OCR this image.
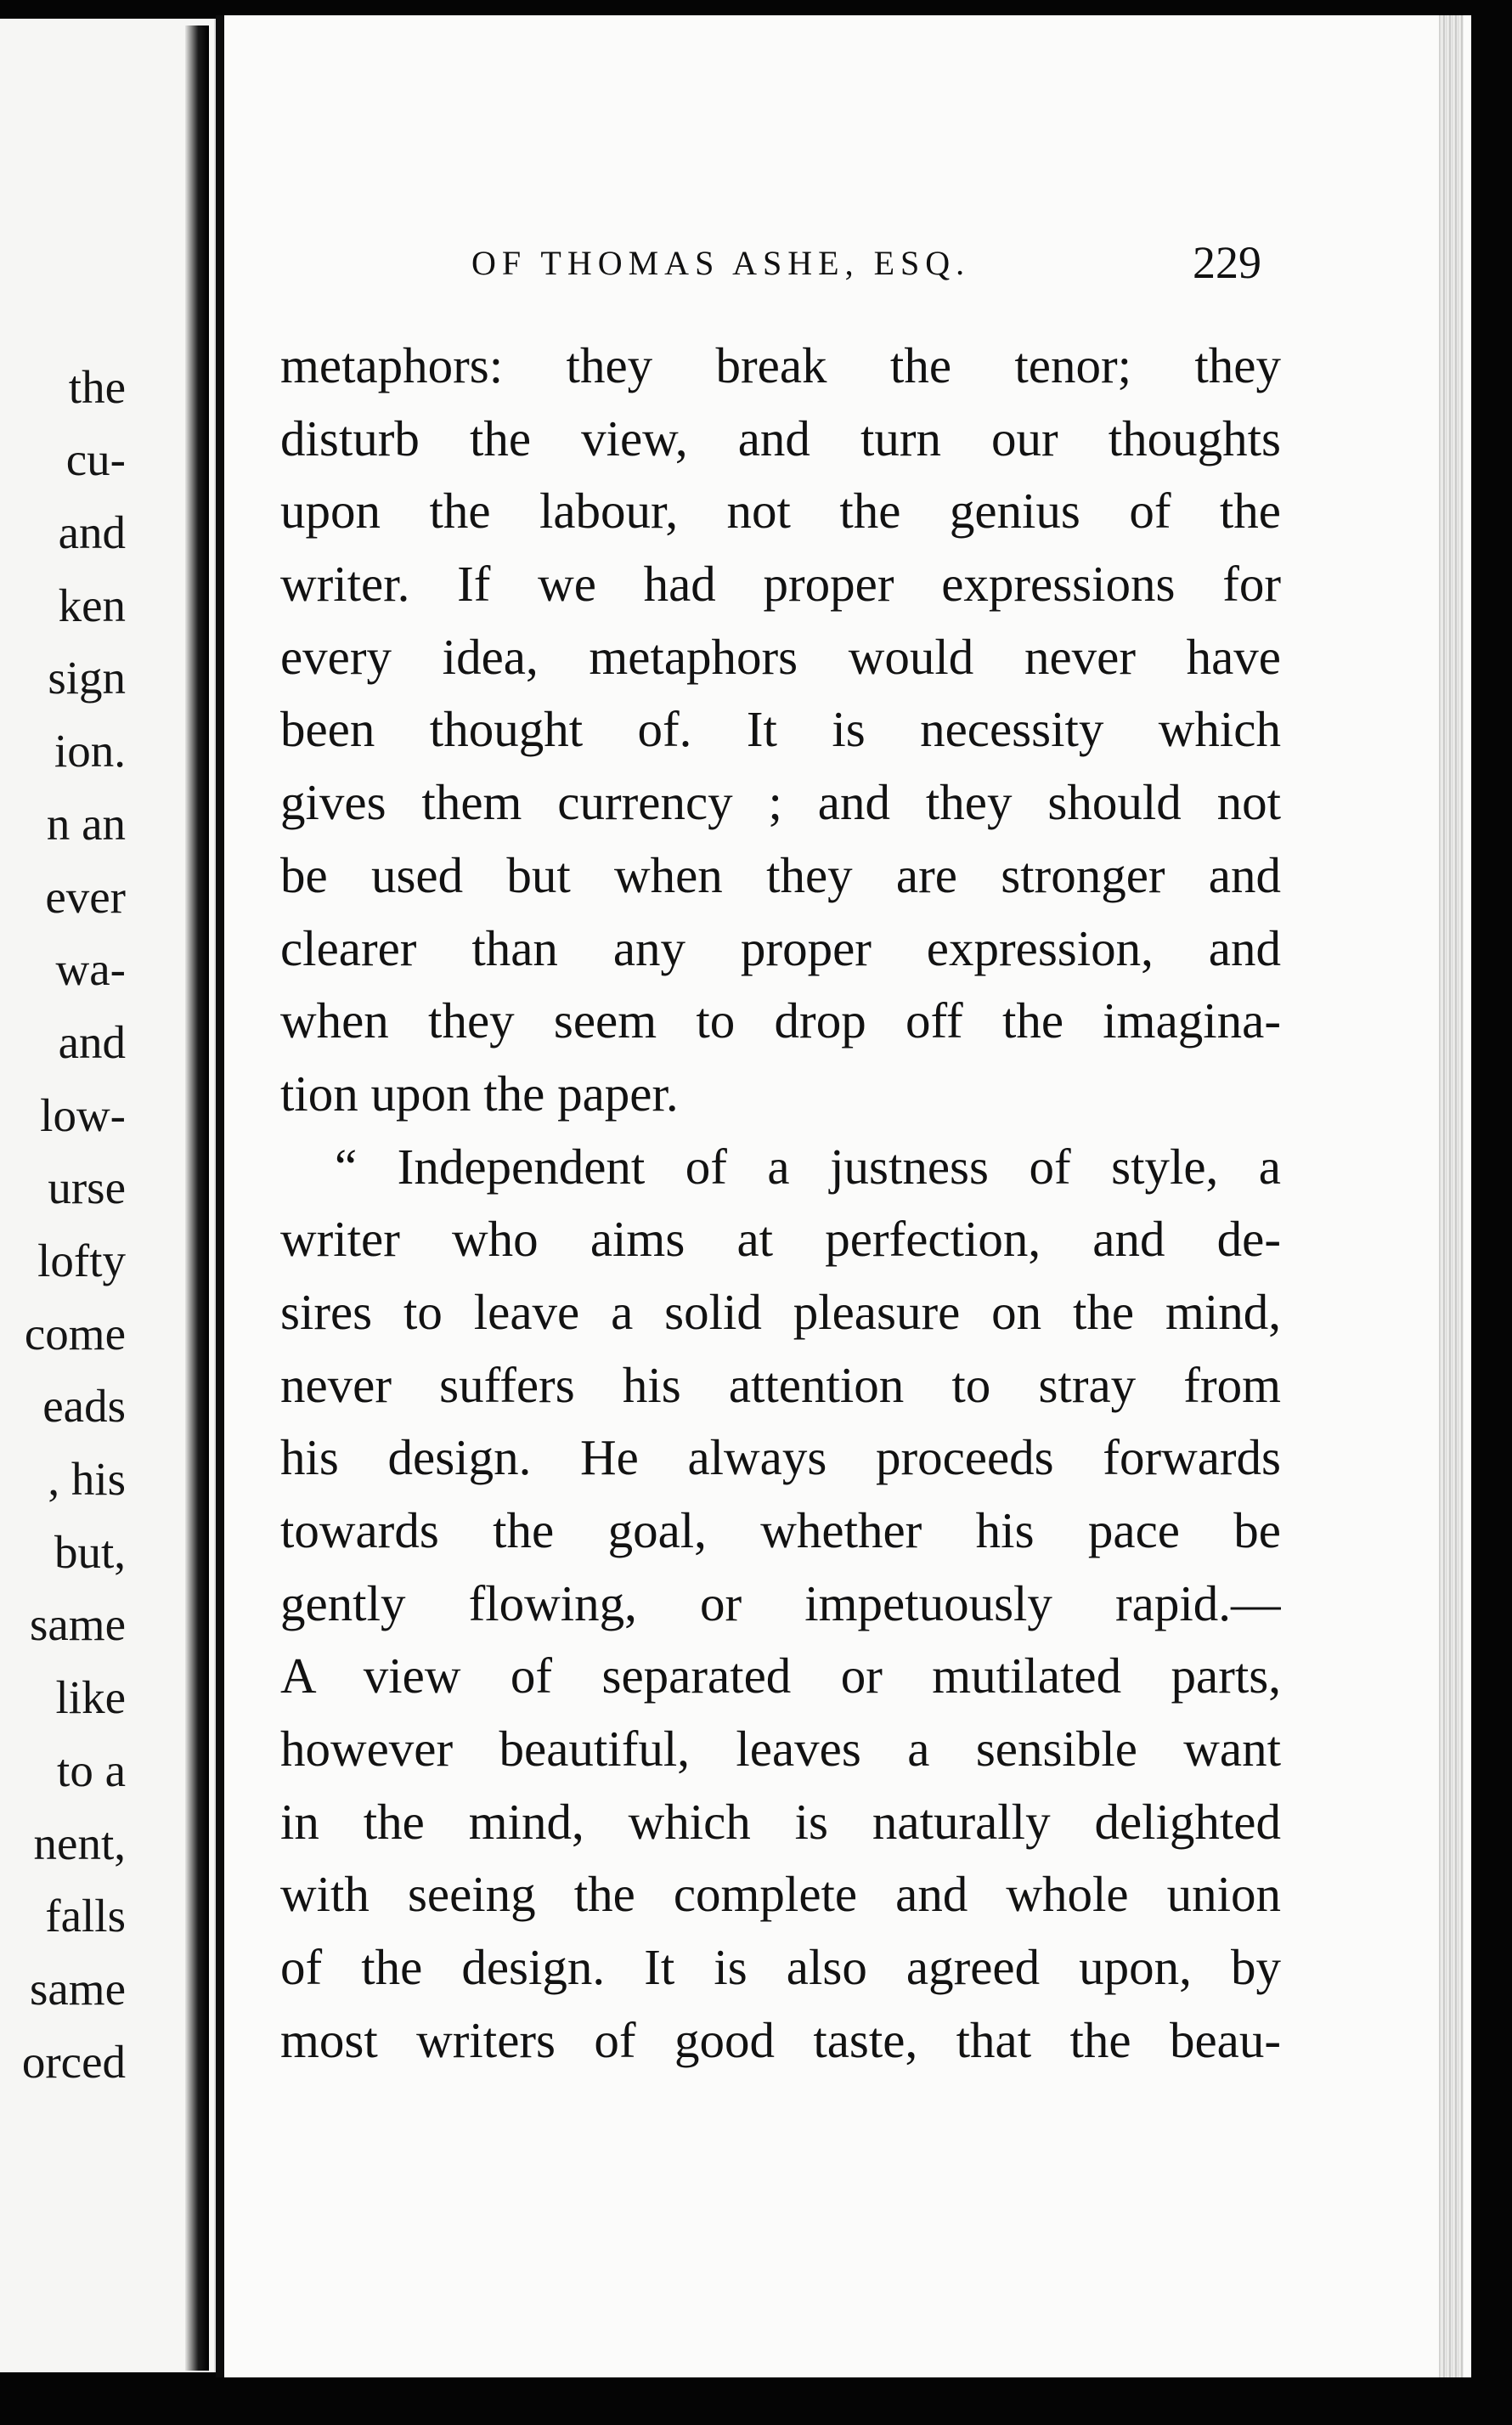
the
cu-
and
ken
sign
ion.
n an
ever
wa-
and
low-
urse
lofty
come
eads
, his
but,
same
like
to a
nent,
falls
same
orced
OF THOMAS ASHE, ESQ.	229
metaphors: they break the tenor; they
disturb the view, and turn our thoughts
upon the labour, not the genius of the
writer. If we had proper expressions for
every idea, metaphors would never have
been thought of. It is necessity which
gives them currency ; and they should not
be used but when they are stronger and
clearer than any proper expression, and
when they seem to drop off the imagina-
tion upon the paper.
“ Independent of a justness of style, a
writer who aims at perfection, and de-
sires to leave a solid pleasure on the mind,
never suffers his attention to stray from
his design. He always proceeds forwards
towards the goal, whether his pace be
gently flowing, or impetuously rapid.—
A view of separated or mutilated parts,
however beautiful, leaves a sensible want
in the mind, which is naturally delighted
with seeing the complete and whole union
of the design. It is also agreed upon, by
most writers of good taste, that the beau-
